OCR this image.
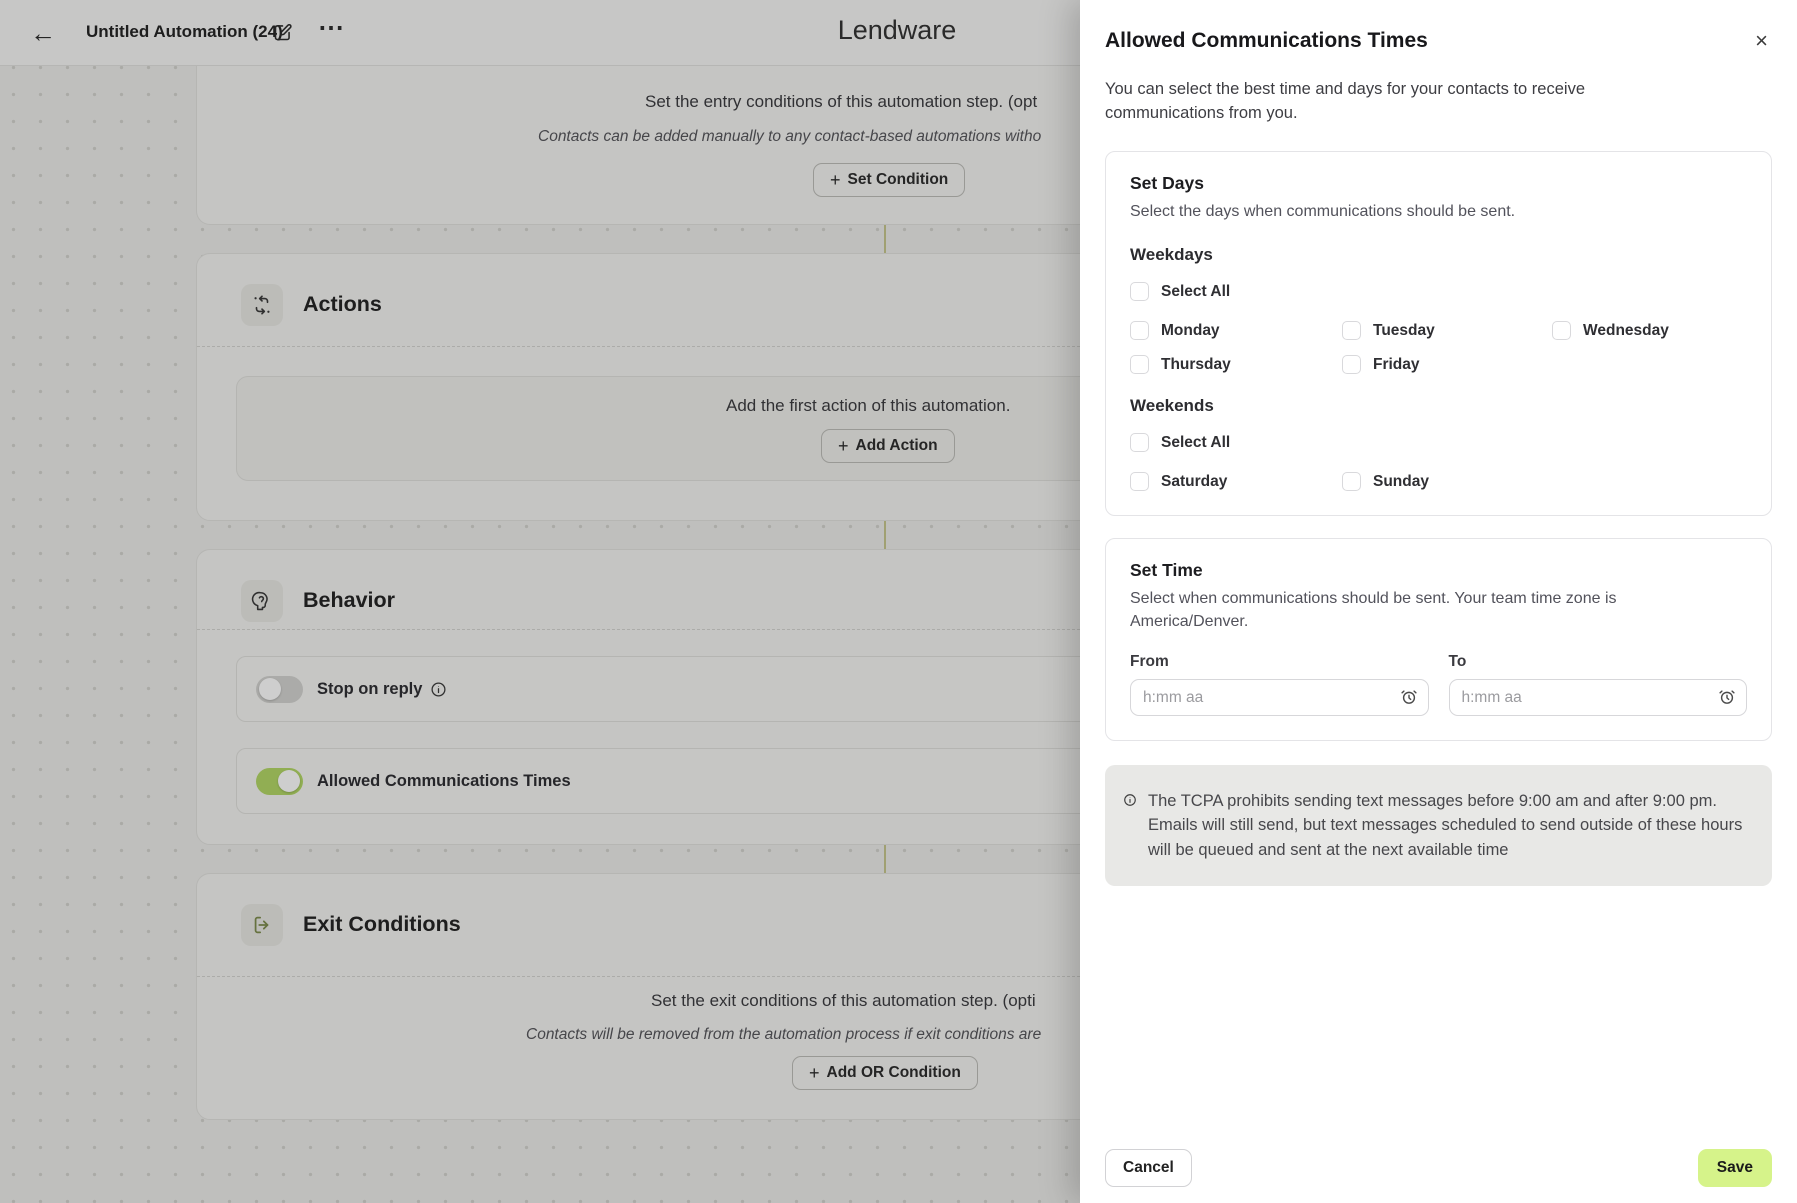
Set the entry conditions of this automation step. (opt
Contacts can be added manually to any contact-based automations witho
+ Set Condition
Actions
Add the first action of this automation.
+ Add Action
Behavior
Stop on reply
Allowed Communications Times
Exit Conditions
Set the exit conditions of this automation step. (opti
Contacts will be removed from the automation process if exit conditions are
+ Add OR Condition
← Untitled Automation (24) ⋯	Lendware	Allowed Communications Times	×
You can select the best time and days for your contacts to receive communications from you.
Set Days
Select the days when communications should be sent.
Weekdays
Select All
Monday	Tuesday	Wednesday
Thursday	Friday
Weekends
Select All
Saturday	Sunday
Set Time
Select when communications should be sent. Your team time zone is America/Denver.
From
h:mm aa	To
h:mm aa
The TCPA prohibits sending text messages before 9:00 am and after 9:00 pm. Emails will still send, but text messages scheduled to send outside of these hours will be queued and sent at the next available time
Cancel	Save
